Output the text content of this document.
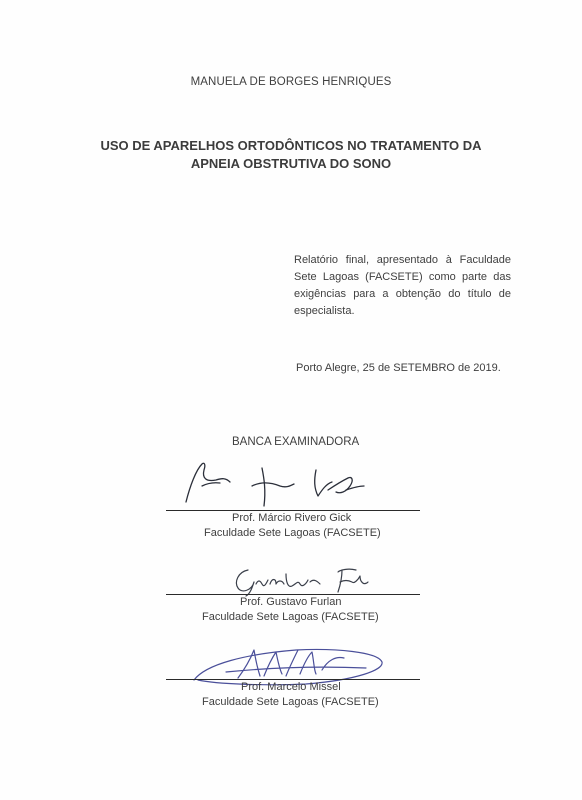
MANUELA DE BORGES HENRIQUES
USO DE APARELHOS ORTODÔNTICOS NO TRATAMENTO DA
APNEIA OBSTRUTIVA DO SONO
Relatório final, apresentado à Faculdade Sete Lagoas (FACSETE) como parte das exigências para a obtenção do título de especialista.
Porto Alegre, 25 de SETEMBRO de 2019.
BANCA EXAMINADORA
Prof. Márcio Rivero Gick
Faculdade Sete Lagoas (FACSETE)
Prof. Gustavo Furlan
Faculdade Sete Lagoas (FACSETE)
Prof. Marcelo Missel
Faculdade Sete Lagoas (FACSETE)
